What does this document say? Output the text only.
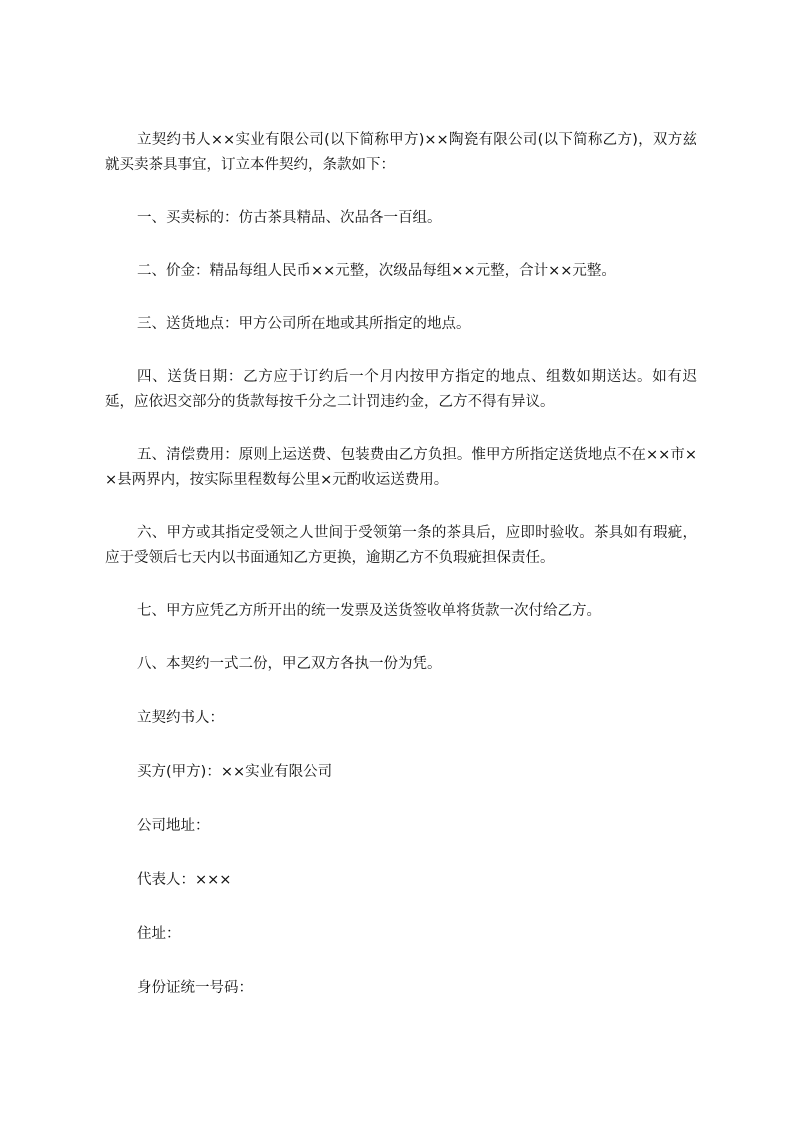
立契约书人××实业有限公司(以下简称甲方)××陶瓷有限公司(以下简称乙方)，双方兹就买卖茶具事宜，订立本件契约，条款如下：

一、买卖标的：仿古茶具精品、次品各一百组。

二、价金：精品每组人民币××元整，次级品每组××元整，合计××元整。

三、送货地点：甲方公司所在地或其所指定的地点。

四、送货日期：乙方应于订约后一个月内按甲方指定的地点、组数如期送达。如有迟延，应依迟交部分的货款每按千分之二计罚违约金，乙方不得有异议。

五、清偿费用：原则上运送费、包装费由乙方负担。惟甲方所指定送货地点不在××市××县两界内，按实际里程数每公里×元酌收运送费用。

六、甲方或其指定受领之人世间于受领第一条的茶具后，应即时验收。茶具如有瑕疵，应于受领后七天内以书面通知乙方更换，逾期乙方不负瑕疵担保责任。

七、甲方应凭乙方所开出的统一发票及送货签收单将货款一次付给乙方。

八、本契约一式二份，甲乙双方各执一份为凭。

立契约书人：

买方(甲方)：××实业有限公司

公司地址：

代表人：×××

住址：

身份证统一号码：
